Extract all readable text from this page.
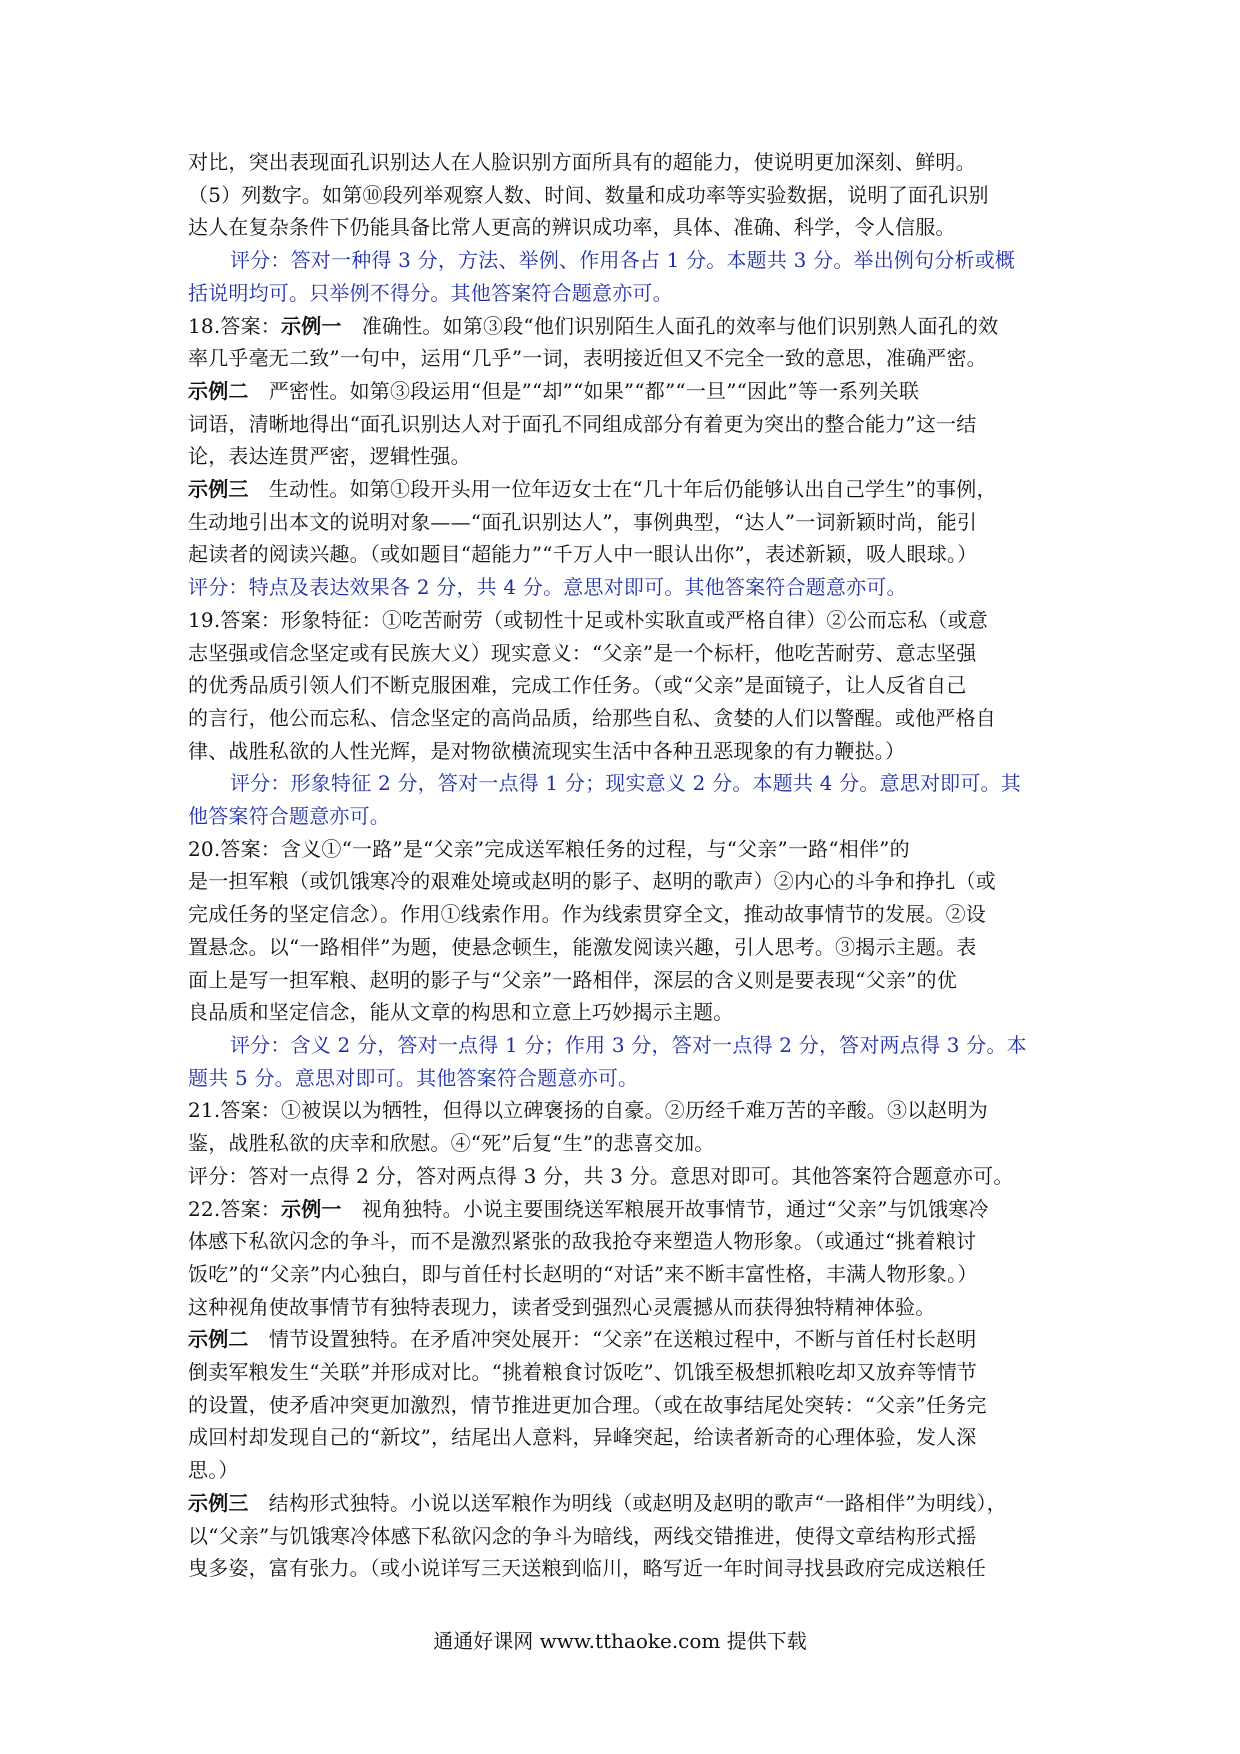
对比，突出表现面孔识别达人在人脸识别方面所具有的超能力，使说明更加深刻、鲜明。
（5）列数字。如第⑩段列举观察人数、时间、数量和成功率等实验数据，说明了面孔识别
达人在复杂条件下仍能具备比常人更高的辨识成功率，具体、准确、科学，令人信服。
评分：答对一种得 3 分，方法、举例、作用各占 1 分。本题共 3 分。举出例句分析或概
括说明均可。只举例不得分。其他答案符合题意亦可。
18.答案：示例一　准确性。如第③段“他们识别陌生人面孔的效率与他们识别熟人面孔的效
率几乎毫无二致”一句中，运用“几乎”一词，表明接近但又不完全一致的意思，准确严密。
示例二　严密性。如第③段运用“但是”“却”“如果”“都”“一旦”“因此”等一系列关联
词语，清晰地得出“面孔识别达人对于面孔不同组成部分有着更为突出的整合能力”这一结
论，表达连贯严密，逻辑性强。
示例三　生动性。如第①段开头用一位年迈女士在“几十年后仍能够认出自己学生”的事例，
生动地引出本文的说明对象——“面孔识别达人”，事例典型，“达人”一词新颖时尚，能引
起读者的阅读兴趣。（或如题目“超能力”“千万人中一眼认出你”，表述新颖，吸人眼球。）
评分：特点及表达效果各 2 分，共 4 分。意思对即可。其他答案符合题意亦可。
19.答案：形象特征：①吃苦耐劳（或韧性十足或朴实耿直或严格自律）②公而忘私（或意
志坚强或信念坚定或有民族大义）现实意义：“父亲”是一个标杆，他吃苦耐劳、意志坚强
的优秀品质引领人们不断克服困难，完成工作任务。（或“父亲”是面镜子，让人反省自己
的言行，他公而忘私、信念坚定的高尚品质，给那些自私、贪婪的人们以警醒。或他严格自
律、战胜私欲的人性光辉，是对物欲横流现实生活中各种丑恶现象的有力鞭挞。）
评分：形象特征 2 分，答对一点得 1 分；现实意义 2 分。本题共 4 分。意思对即可。其
他答案符合题意亦可。
20.答案：含义①“一路”是“父亲”完成送军粮任务的过程，与“父亲”一路“相伴”的
是一担军粮（或饥饿寒冷的艰难处境或赵明的影子、赵明的歌声）②内心的斗争和挣扎（或
完成任务的坚定信念）。作用①线索作用。作为线索贯穿全文，推动故事情节的发展。②设
置悬念。以“一路相伴”为题，使悬念顿生，能激发阅读兴趣，引人思考。③揭示主题。表
面上是写一担军粮、赵明的影子与“父亲”一路相伴，深层的含义则是要表现“父亲”的优
良品质和坚定信念，能从文章的构思和立意上巧妙揭示主题。
评分：含义 2 分，答对一点得 1 分；作用 3 分，答对一点得 2 分，答对两点得 3 分。本
题共 5 分。意思对即可。其他答案符合题意亦可。
21.答案：①被误以为牺牲，但得以立碑褒扬的自豪。②历经千难万苦的辛酸。③以赵明为
鉴，战胜私欲的庆幸和欣慰。④“死”后复“生”的悲喜交加。
评分：答对一点得 2 分，答对两点得 3 分，共 3 分。意思对即可。其他答案符合题意亦可。
22.答案：示例一　视角独特。小说主要围绕送军粮展开故事情节，通过“父亲”与饥饿寒冷
体感下私欲闪念的争斗，而不是激烈紧张的敌我抢夺来塑造人物形象。（或通过“挑着粮讨
饭吃”的“父亲”内心独白，即与首任村长赵明的“对话”来不断丰富性格，丰满人物形象。）
这种视角使故事情节有独特表现力，读者受到强烈心灵震撼从而获得独特精神体验。
示例二　情节设置独特。在矛盾冲突处展开：“父亲”在送粮过程中，不断与首任村长赵明
倒卖军粮发生“关联”并形成对比。“挑着粮食讨饭吃”、饥饿至极想抓粮吃却又放弃等情节
的设置，使矛盾冲突更加激烈，情节推进更加合理。（或在故事结尾处突转：“父亲”任务完
成回村却发现自己的“新坟”，结尾出人意料，异峰突起，给读者新奇的心理体验，发人深
思。）
示例三　结构形式独特。小说以送军粮作为明线（或赵明及赵明的歌声“一路相伴”为明线），
以“父亲”与饥饿寒冷体感下私欲闪念的争斗为暗线，两线交错推进，使得文章结构形式摇
曳多姿，富有张力。（或小说详写三天送粮到临川，略写近一年时间寻找县政府完成送粮任
通通好课网 www.tthaoke.com 提供下载
